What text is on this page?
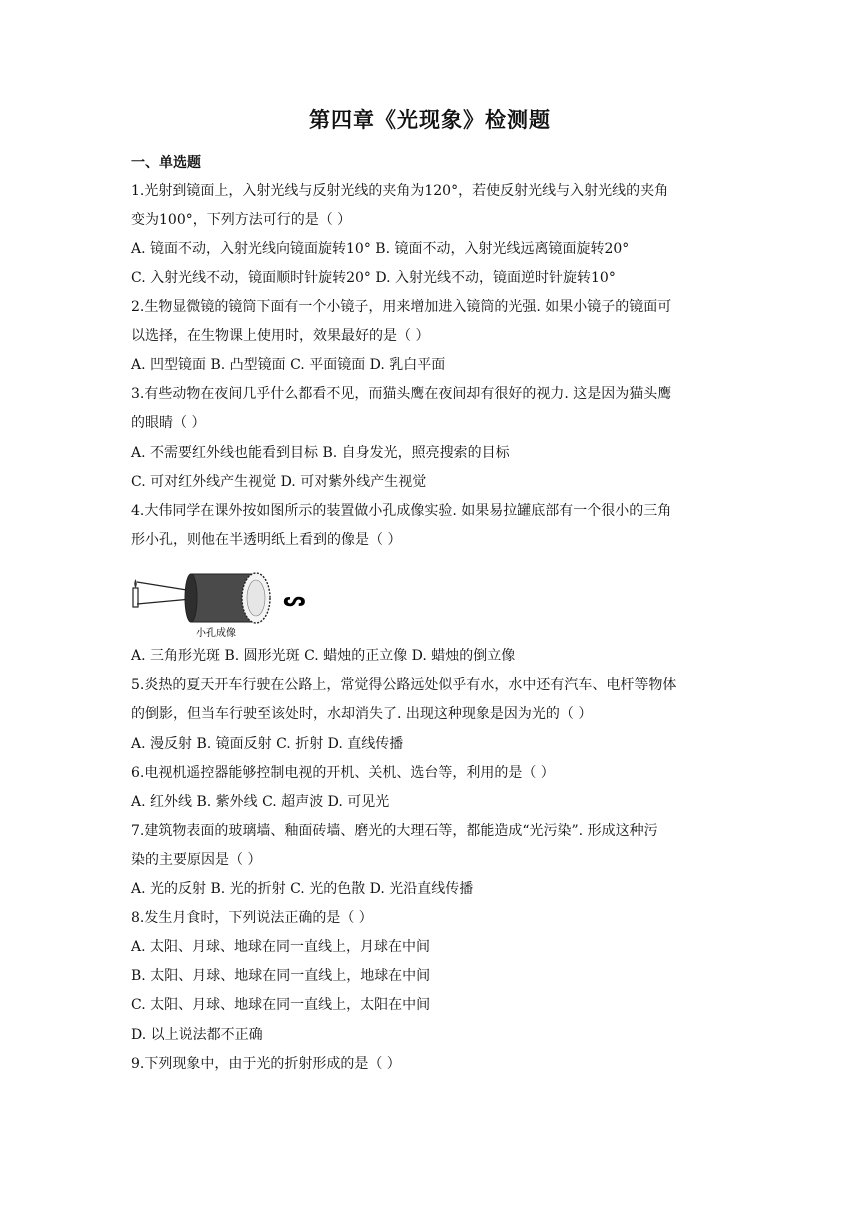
第四章《光现象》检测题
一、单选题
1.光射到镜面上，入射光线与反射光线的夹角为120°，若使反射光线与入射光线的夹角
变为100°，下列方法可行的是（ ）
A. 镜面不动，入射光线向镜面旋转10° B. 镜面不动，入射光线远离镜面旋转20°
C. 入射光线不动，镜面顺时针旋转20° D. 入射光线不动，镜面逆时针旋转10°
2.生物显微镜的镜筒下面有一个小镜子，用来增加进入镜筒的光强. 如果小镜子的镜面可
以选择，在生物课上使用时，效果最好的是（ ）
A. 凹型镜面 B. 凸型镜面 C. 平面镜面 D. 乳白平面
3.有些动物在夜间几乎什么都看不见，而猫头鹰在夜间却有很好的视力. 这是因为猫头鹰
的眼睛（ ）
A. 不需要红外线也能看到目标 B. 自身发光，照亮搜索的目标
C. 可对红外线产生视觉 D. 可对紫外线产生视觉
4.大伟同学在课外按如图所示的装置做小孔成像实验. 如果易拉罐底部有一个很小的三角
形小孔，则他在半透明纸上看到的像是（ ）
ᔕ
小孔成像
A. 三角形光斑 B. 圆形光斑 C. 蜡烛的正立像 D. 蜡烛的倒立像
5.炎热的夏天开车行驶在公路上，常觉得公路远处似乎有水，水中还有汽车、电杆等物体
的倒影，但当车行驶至该处时，水却消失了. 出现这种现象是因为光的（ ）
A. 漫反射 B. 镜面反射 C. 折射 D. 直线传播
6.电视机遥控器能够控制电视的开机、关机、选台等，利用的是（ ）
A. 红外线 B. 紫外线 C. 超声波 D. 可见光
7.建筑物表面的玻璃墙、釉面砖墙、磨光的大理石等，都能造成“光污染”. 形成这种污
染的主要原因是（ ）
A. 光的反射 B. 光的折射 C. 光的色散 D. 光沿直线传播
8.发生月食时，下列说法正确的是（ ）
A. 太阳、月球、地球在同一直线上，月球在中间
B. 太阳、月球、地球在同一直线上，地球在中间
C. 太阳、月球、地球在同一直线上，太阳在中间
D. 以上说法都不正确
9.下列现象中，由于光的折射形成的是（ ）
